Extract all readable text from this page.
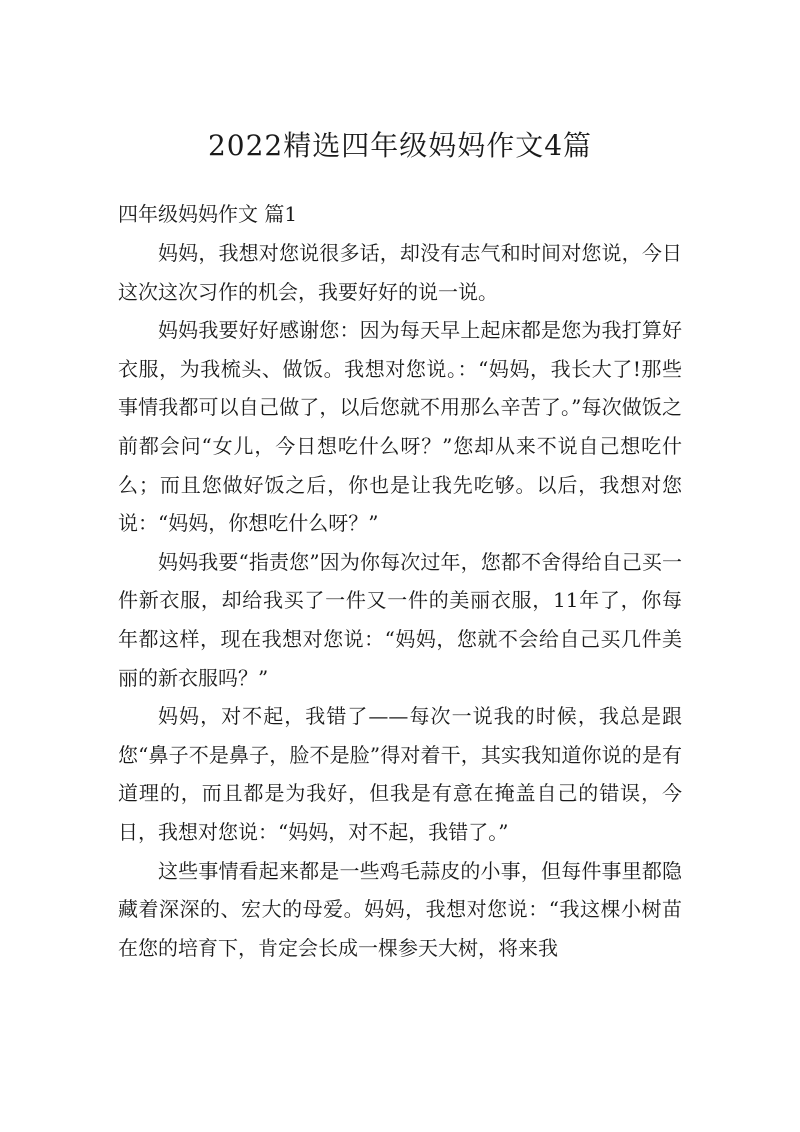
2022精选四年级妈妈作文4篇
四年级妈妈作文 篇1

妈妈，我想对您说很多话，却没有志气和时间对您说，今日这次这次习作的机会，我要好好的说一说。

妈妈我要好好感谢您：因为每天早上起床都是您为我打算好衣服，为我梳头、做饭。我想对您说。：“妈妈，我长大了!那些事情我都可以自己做了，以后您就不用那么辛苦了。”每次做饭之前都会问“女儿，今日想吃什么呀？”您却从来不说自己想吃什么；而且您做好饭之后，你也是让我先吃够。以后，我想对您说：“妈妈，你想吃什么呀？”

妈妈我要“指责您”因为你每次过年，您都不舍得给自己买一件新衣服，却给我买了一件又一件的美丽衣服，11年了，你每年都这样，现在我想对您说：“妈妈，您就不会给自己买几件美丽的新衣服吗？”

妈妈，对不起，我错了——每次一说我的时候，我总是跟您“鼻子不是鼻子，脸不是脸”得对着干，其实我知道你说的是有道理的，而且都是为我好，但我是有意在掩盖自己的错误，今日，我想对您说：“妈妈，对不起，我错了。”

这些事情看起来都是一些鸡毛蒜皮的小事，但每件事里都隐藏着深深的、宏大的母爱。妈妈，我想对您说：“我这棵小树苗在您的培育下，肯定会长成一棵参天大树，将来我
